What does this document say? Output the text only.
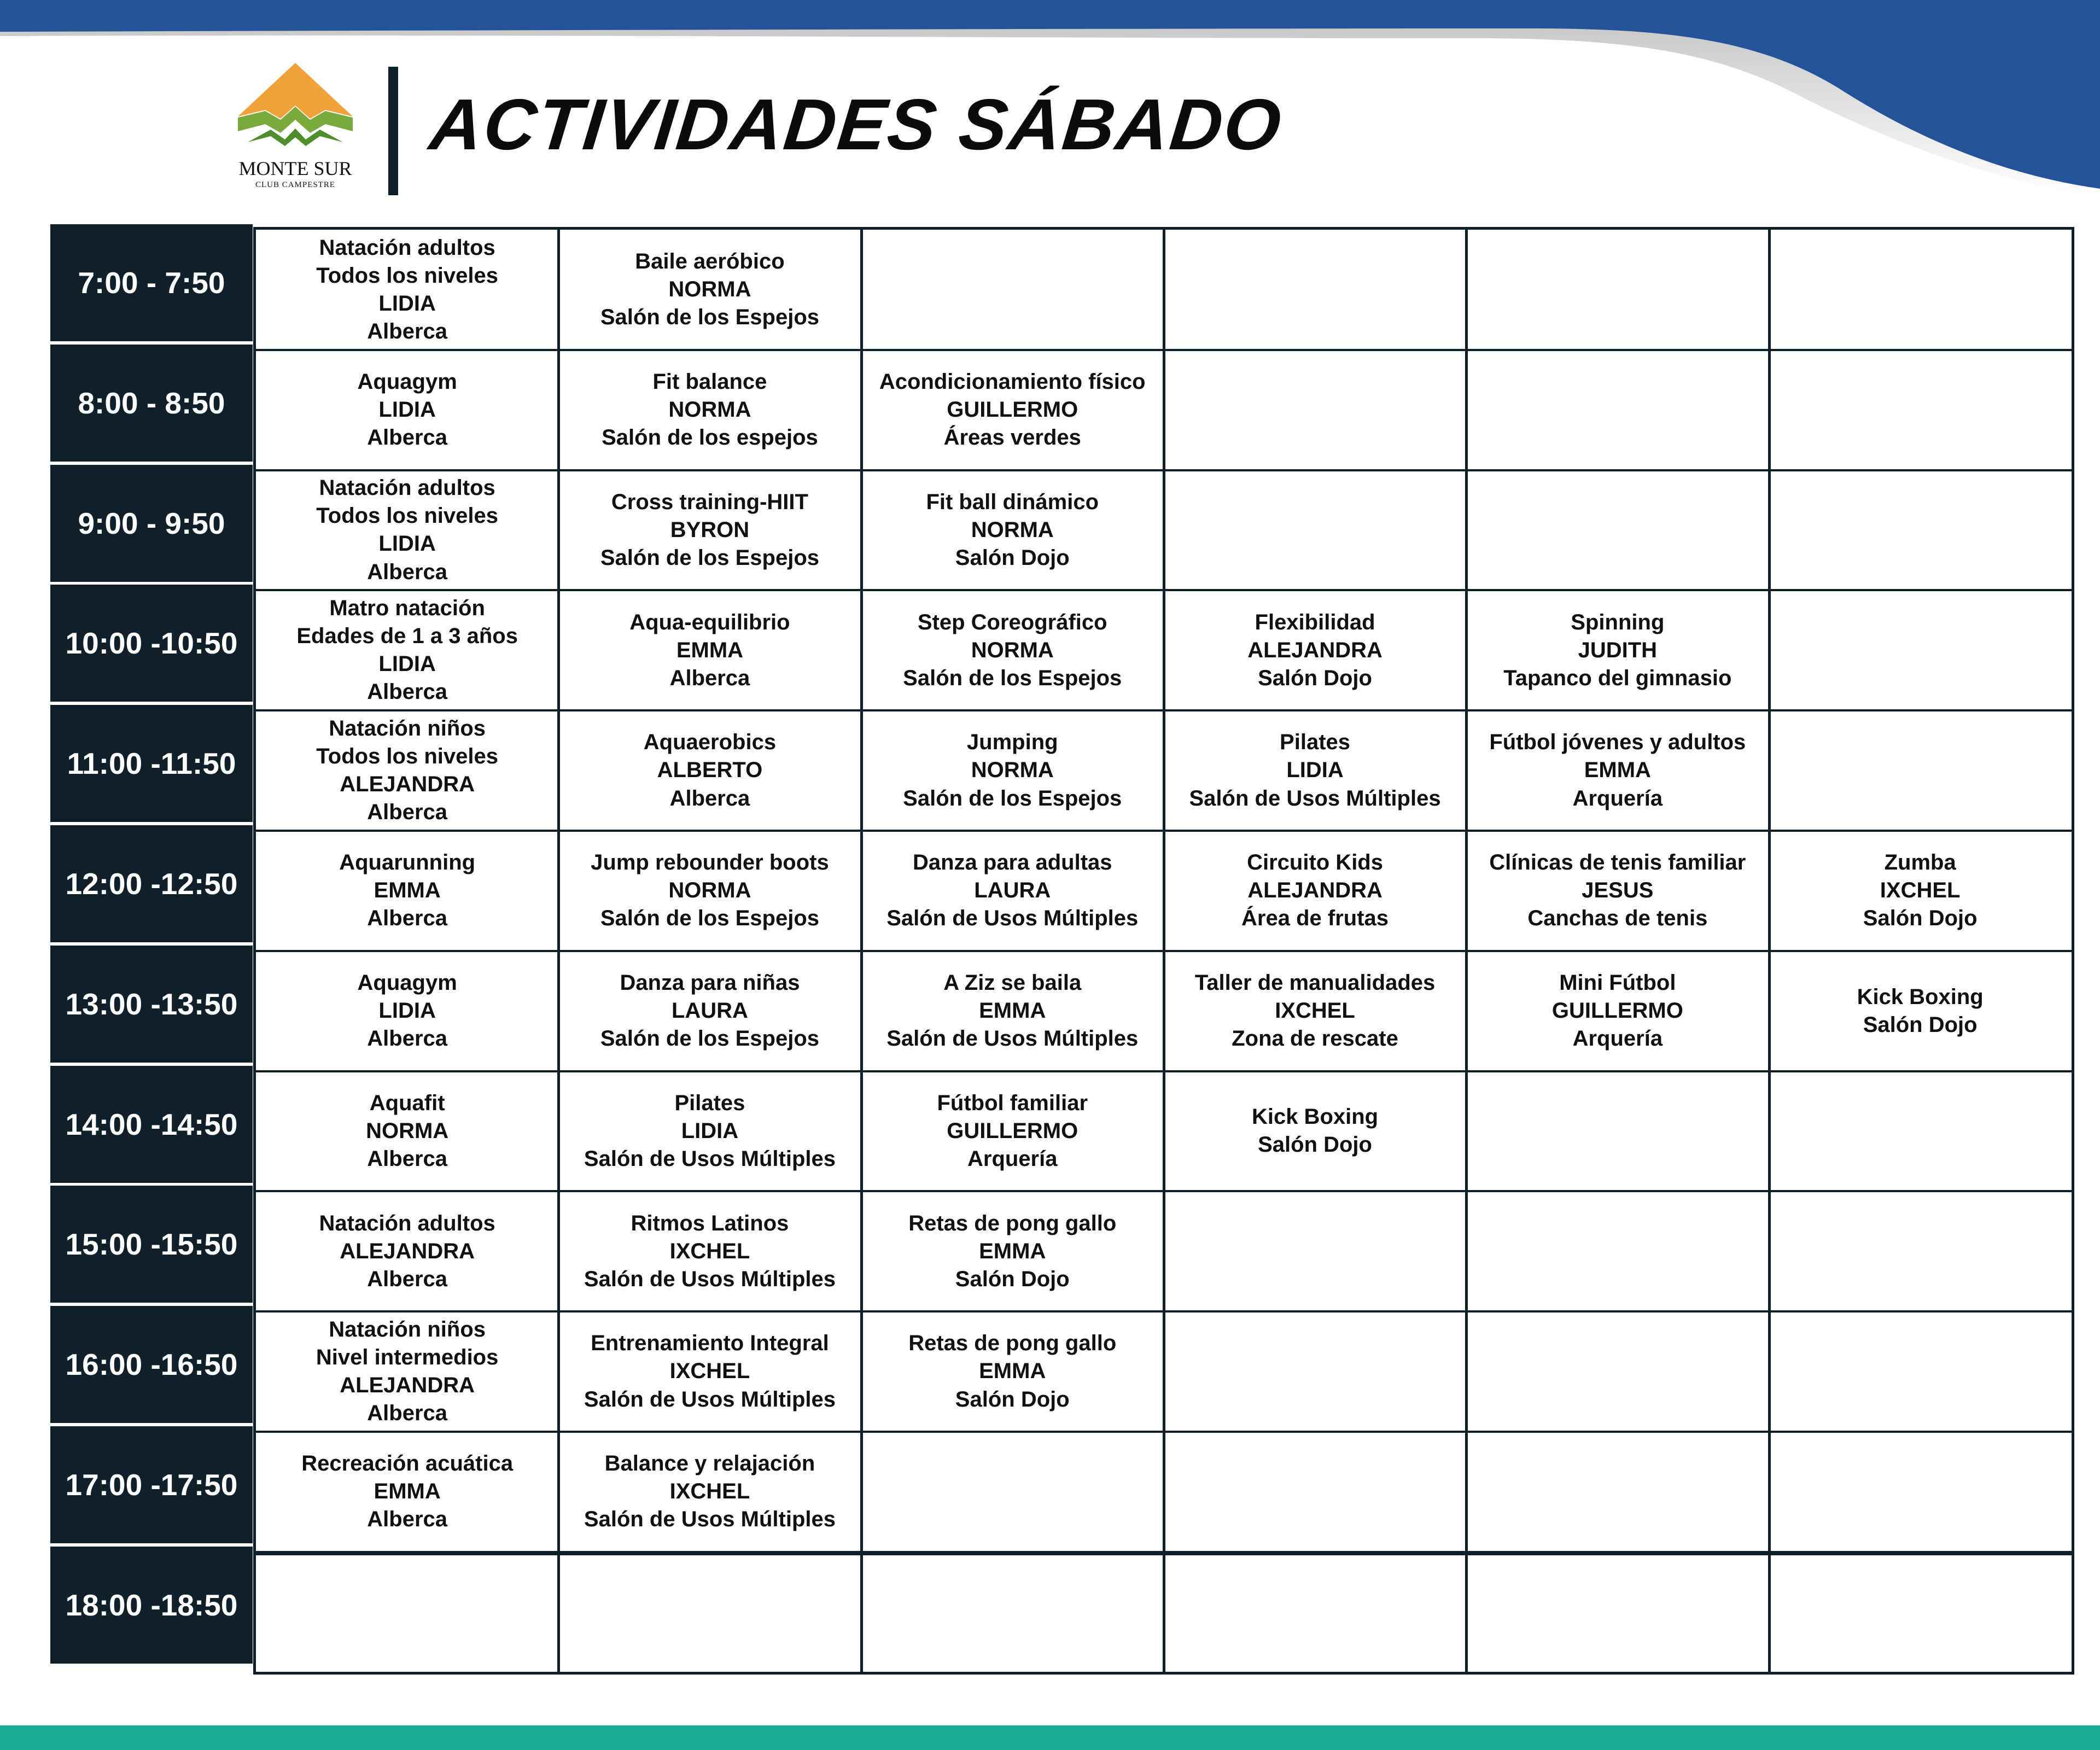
MONTE SUR
CLUB CAMPESTRE
ACTIVIDADES SÁBADO
7:00 - 7:50
8:00 - 8:50
9:00 - 9:50
10:00 -10:50
11:00 -11:50
12:00 -12:50
13:00 -13:50
14:00 -14:50
15:00 -15:50
16:00 -16:50
17:00 -17:50
18:00 -18:50
Natación adultos
Todos los niveles
LIDIA
Alberca
Baile aeróbico
NORMA
Salón de los Espejos
Aquagym
LIDIA
Alberca
Fit balance
NORMA
Salón de los espejos
Acondicionamiento físico
GUILLERMO
Áreas verdes
Natación adultos
Todos los niveles
LIDIA
Alberca
Cross training-HIIT
BYRON
Salón de los Espejos
Fit ball dinámico
NORMA
Salón Dojo
Matro natación
Edades de 1 a 3 años
LIDIA
Alberca
Aqua-equilibrio
EMMA
Alberca
Step Coreográfico
NORMA
Salón de los Espejos
Flexibilidad
ALEJANDRA
Salón Dojo
Spinning
JUDITH
Tapanco del gimnasio
Natación niños
Todos los niveles
ALEJANDRA
Alberca
Aquaerobics
ALBERTO
Alberca
Jumping
NORMA
Salón de los Espejos
Pilates
LIDIA
Salón de Usos Múltiples
Fútbol jóvenes y adultos
EMMA
Arquería
Aquarunning
EMMA
Alberca
Jump rebounder boots
NORMA
Salón de los Espejos
Danza para adultas
LAURA
Salón de Usos Múltiples
Circuito Kids
ALEJANDRA
Área de frutas
Clínicas de tenis familiar
JESUS
Canchas de tenis
Zumba
IXCHEL
Salón Dojo
Aquagym
LIDIA
Alberca
Danza para niñas
LAURA
Salón de los Espejos
A Ziz se baila
EMMA
Salón de Usos Múltiples
Taller de manualidades
IXCHEL
Zona de rescate
Mini Fútbol
GUILLERMO
Arquería
Kick Boxing
Salón Dojo
Aquafit
NORMA
Alberca
Pilates
LIDIA
Salón de Usos Múltiples
Fútbol familiar
GUILLERMO
Arquería
Kick Boxing
Salón Dojo
Natación adultos
ALEJANDRA
Alberca
Ritmos Latinos
IXCHEL
Salón de Usos Múltiples
Retas de pong gallo
EMMA
Salón Dojo
Natación niños
Nivel intermedios
ALEJANDRA
Alberca
Entrenamiento Integral
IXCHEL
Salón de Usos Múltiples
Retas de pong gallo
EMMA
Salón Dojo
Recreación acuática
EMMA
Alberca
Balance y relajación
IXCHEL
Salón de Usos Múltiples
